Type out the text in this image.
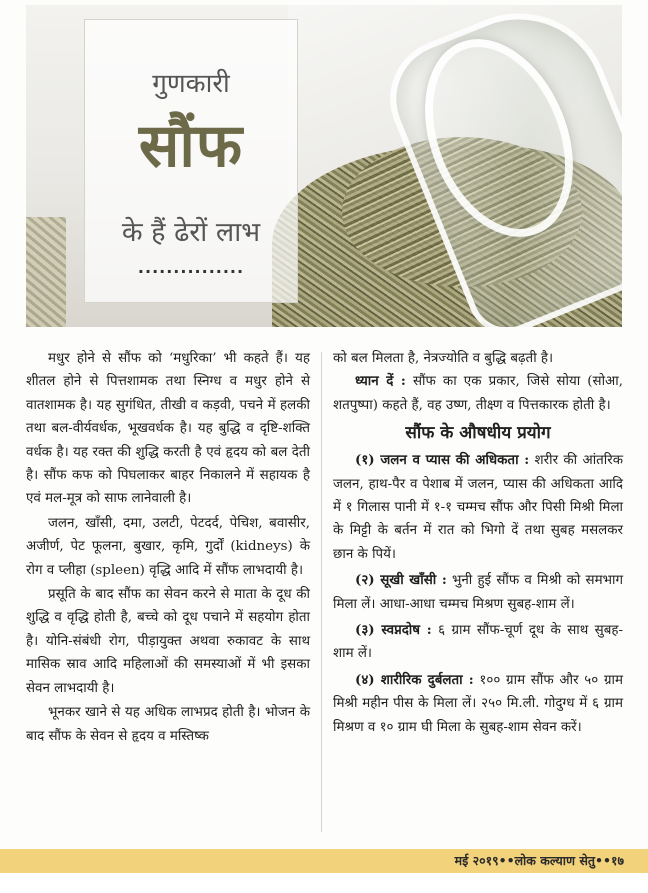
गुणकारी
सौंफ
के हैं ढेरों लाभ
...............

मधुर होने से सौंफ को ‘मधुरिका’ भी कहते हैं। यह शीतल होने से पित्तशामक तथा स्निग्ध व मधुर होने से वातशामक है। यह सुगंधित, तीखी व कड़वी, पचने में हलकी तथा बल-वीर्यवर्धक, भूखवर्धक है। यह बुद्धि व दृष्टि-शक्ति वर्धक है। यह रक्त की शुद्धि करती है एवं हृदय को बल देती है। सौंफ कफ को पिघलाकर बाहर निकालने में सहायक है एवं मल-मूत्र को साफ लानेवाली है।

जलन, खाँसी, दमा, उलटी, पेटदर्द, पेचिश, बवासीर, अजीर्ण, पेट फूलना, बुखार, कृमि, गुर्दों (kidneys) के रोग व प्लीहा (spleen) वृद्धि आदि में सौंफ लाभदायी है।

प्रसूति के बाद सौंफ का सेवन करने से माता के दूध की शुद्धि व वृद्धि होती है, बच्चे को दूध पचाने में सहयोग होता है। योनि-संबंधी रोग, पीड़ायुक्त अथवा रुकावट के साथ मासिक स्राव आदि महिलाओं की समस्याओं में भी इसका सेवन लाभदायी है।

भूनकर खाने से यह अधिक लाभप्रद होती है। भोजन के बाद सौंफ के सेवन से हृदय व मस्तिष्क

को बल मिलता है, नेत्रज्योति व बुद्धि बढ़ती है।

ध्यान दें : सौंफ का एक प्रकार, जिसे सोया (सोआ, शतपुष्पा) कहते हैं, वह उष्ण, तीक्ष्ण व पित्तकारक होती है।

सौंफ के औषधीय प्रयोग

(१) जलन व प्यास की अधिकता : शरीर की आंतरिक जलन, हाथ-पैर व पेशाब में जलन, प्यास की अधिकता आदि में १ गिलास पानी में १-१ चम्मच सौंफ और पिसी मिश्री मिला के मिट्टी के बर्तन में रात को भिगो दें तथा सुबह मसलकर छान के पियें।

(२) सूखी खाँसी : भुनी हुई सौंफ व मिश्री को समभाग मिला लें। आधा-आधा चम्मच मिश्रण सुबह-शाम लें।

(३) स्वप्नदोष : ६ ग्राम सौंफ-चूर्ण दूध के साथ सुबह-शाम लें।

(४) शारीरिक दुर्बलता : १०० ग्राम सौंफ और ५० ग्राम मिश्री महीन पीस के मिला लें। २५० मि.ली. गोदुग्ध में ६ ग्राम मिश्रण व १० ग्राम घी मिला के सुबह-शाम सेवन करें।

मई २०१९••लोक कल्याण सेतु••१७
